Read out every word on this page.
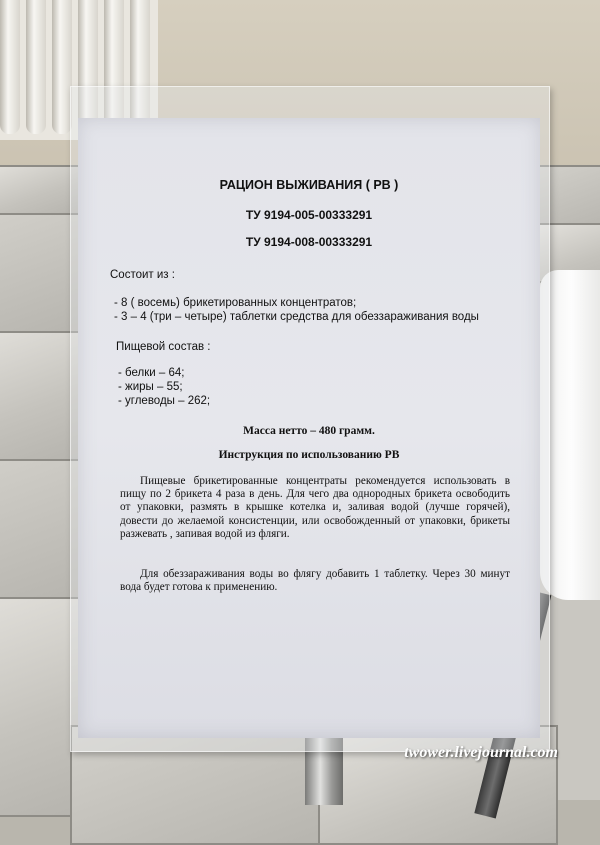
РАЦИОН ВЫЖИВАНИЯ ( РВ )
ТУ 9194-005-00333291
ТУ 9194-008-00333291
Состоит из :
- 8 ( восемь) брикетированных концентратов;
- 3 – 4 (три – четыре) таблетки средства для обеззараживания воды
Пищевой состав :
- белки – 64;
- жиры – 55;
- углеводы – 262;
Масса нетто – 480 грамм.
Инструкция по использованию РВ

Пищевые брикетированные концентраты рекомендуется использовать в пищу по 2 брикета 4 раза в день. Для чего два однородных брикета освободить от упаковки, размять в крышке котелка и, заливая водой (лучше горячей), довести до желаемой консистенции, или освобожденный от упаковки, брикеты разжевать , запивая водой из фляги.

Для обеззараживания воды во флягу добавить 1 таблетку. Через 30 минут вода будет готова к применению.

twower.livejournal.com
